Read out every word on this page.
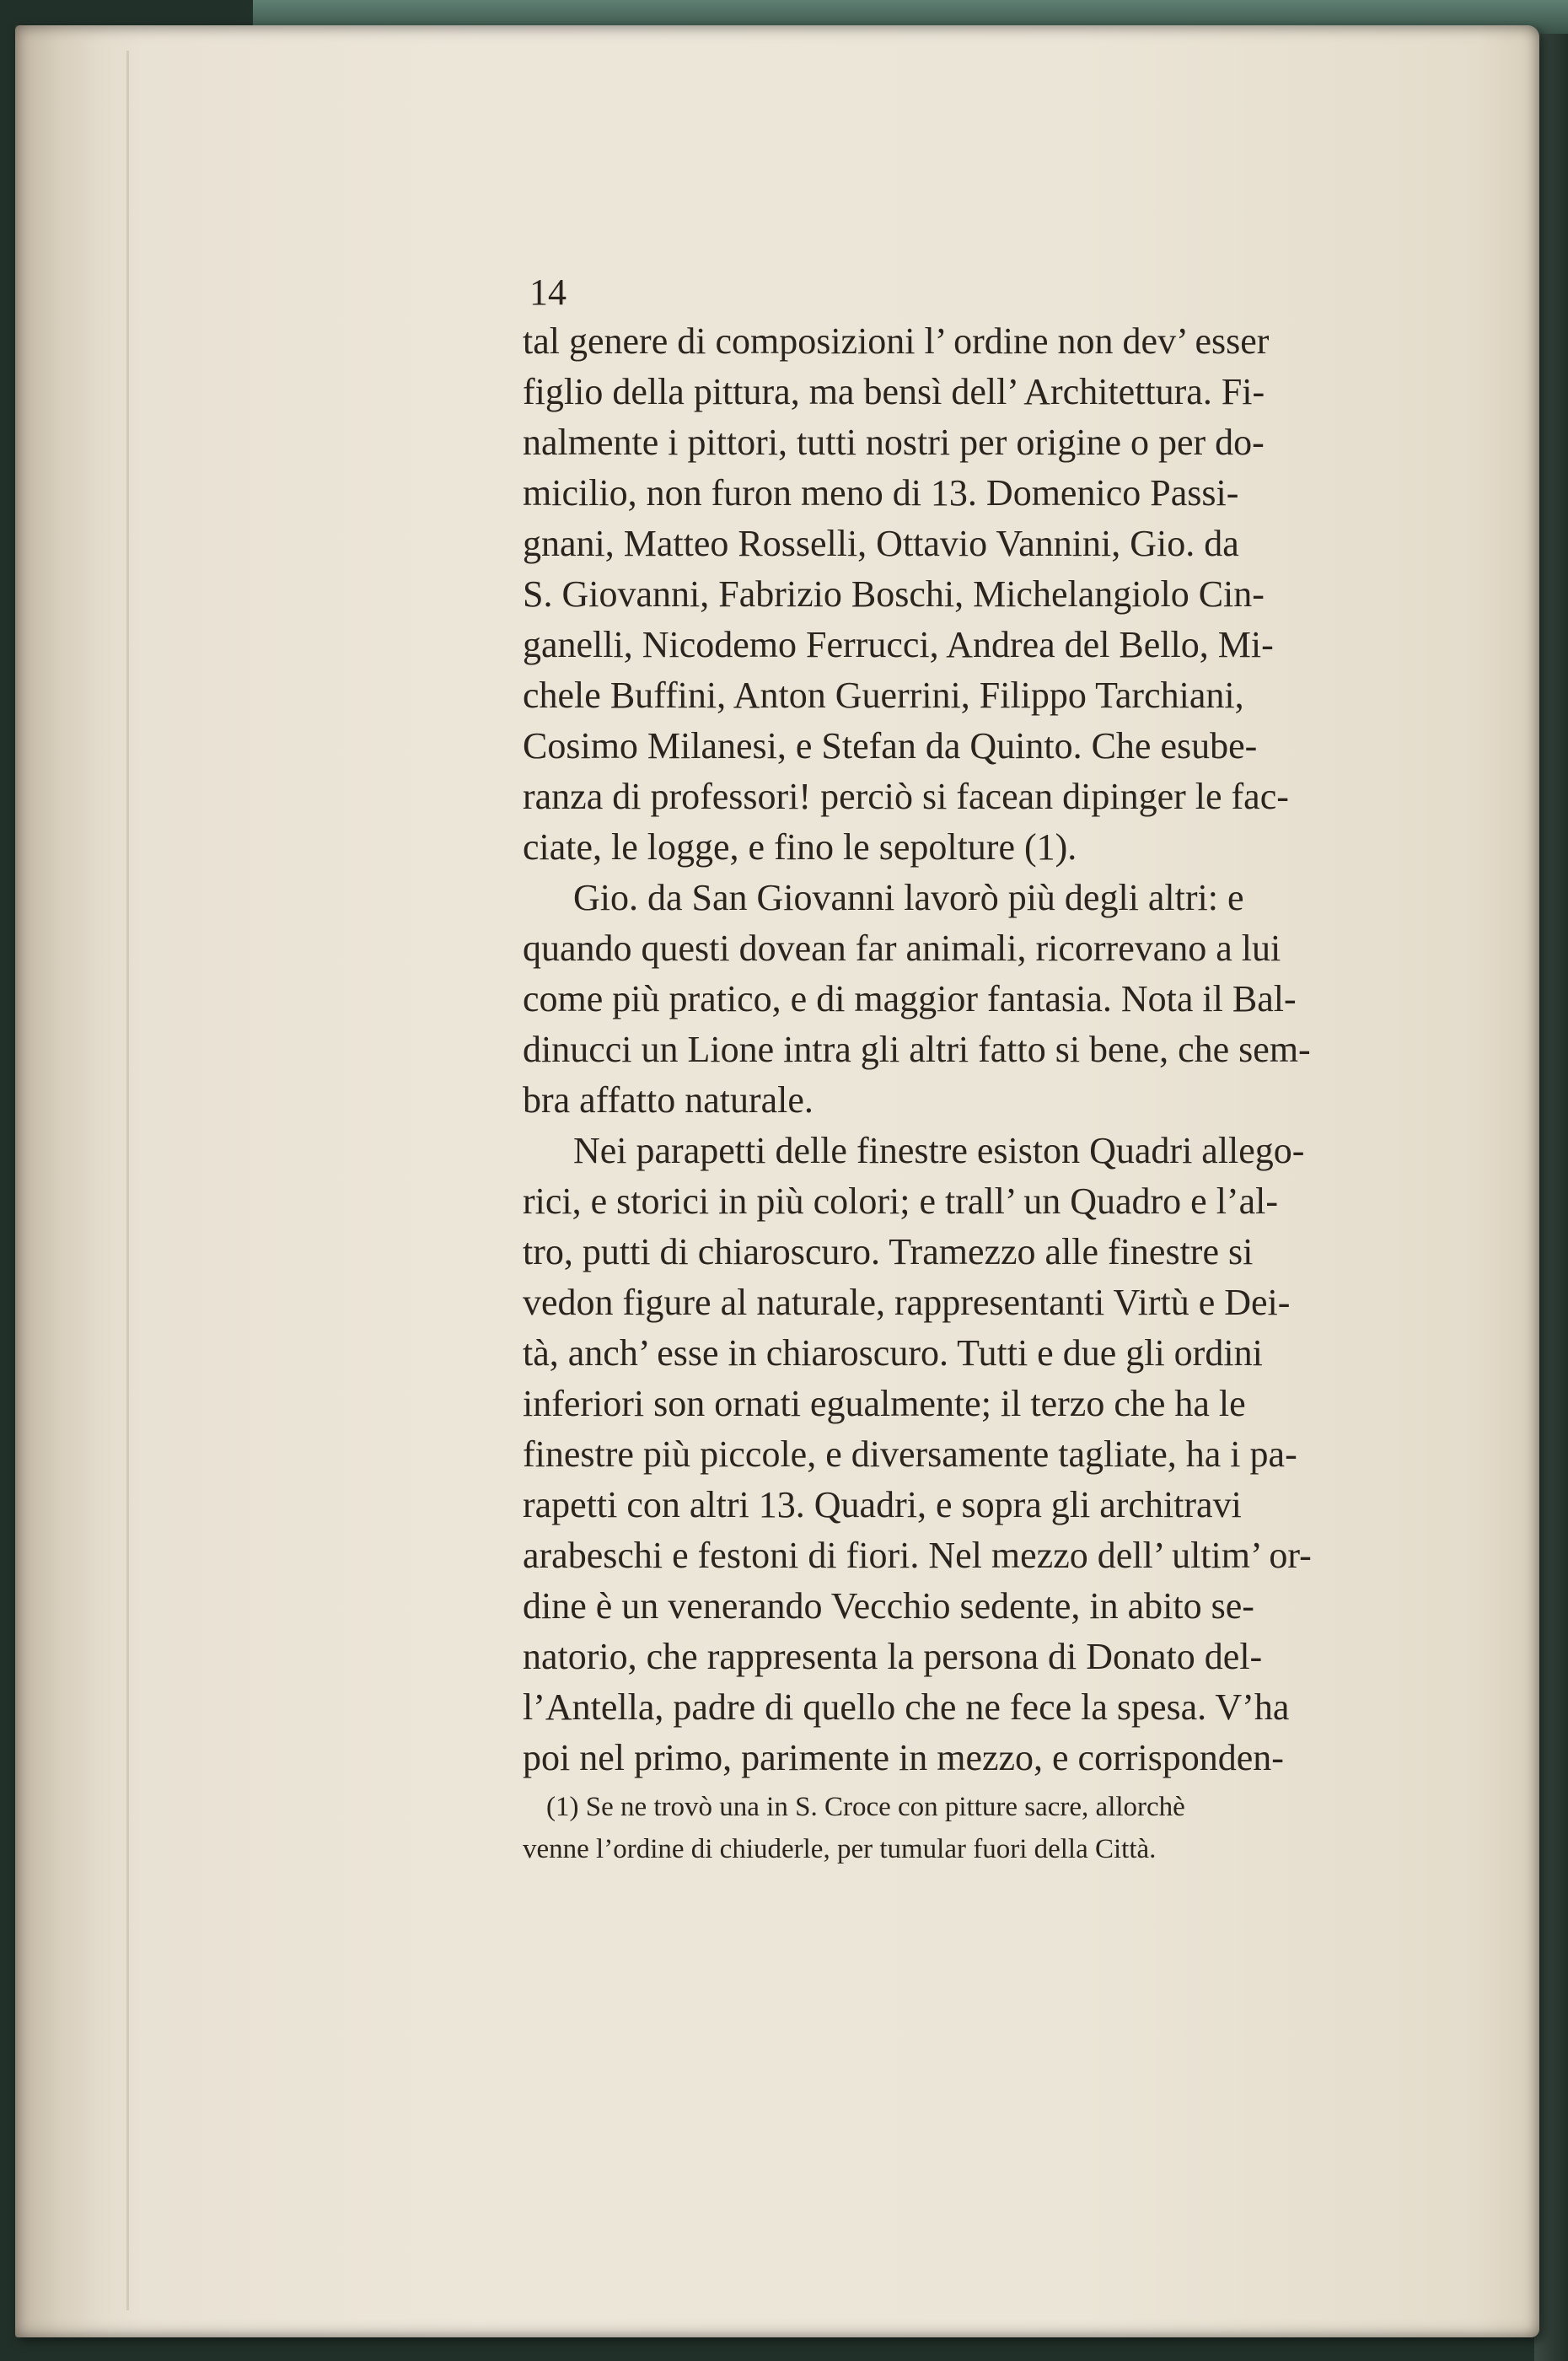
14
tal genere di composizioni l’ ordine non dev’ esser
figlio della pittura, ma bensì dell’ Architettura. Fi-
nalmente i pittori, tutti nostri per origine o per do-
micilio, non furon meno di 13. Domenico Passi-
gnani, Matteo Rosselli, Ottavio Vannini, Gio. da
S. Giovanni, Fabrizio Boschi, Michelangiolo Cin-
ganelli, Nicodemo Ferrucci, Andrea del Bello, Mi-
chele Buffini, Anton Guerrini, Filippo Tarchiani,
Cosimo Milanesi, e Stefan da Quinto. Che esube-
ranza di professori! perciò si facean dipinger le fac-
ciate, le logge, e fino le sepolture (1).
Gio. da San Giovanni lavorò più degli altri: e
quando questi dovean far animali, ricorrevano a lui
come più pratico, e di maggior fantasia. Nota il Bal-
dinucci un Lione intra gli altri fatto si bene, che sem-
bra affatto naturale.
Nei parapetti delle finestre esiston Quadri allego-
rici, e storici in più colori; e trall’ un Quadro e l’al-
tro, putti di chiaroscuro. Tramezzo alle finestre si
vedon figure al naturale, rappresentanti Virtù e Dei-
tà, anch’ esse in chiaroscuro. Tutti e due gli ordini
inferiori son ornati egualmente; il terzo che ha le
finestre più piccole, e diversamente tagliate, ha i pa-
rapetti con altri 13. Quadri, e sopra gli architravi
arabeschi e festoni di fiori. Nel mezzo dell’ ultim’ or-
dine è un venerando Vecchio sedente, in abito se-
natorio, che rappresenta la persona di Donato del-
l’Antella, padre di quello che ne fece la spesa. V’ha
poi nel primo, parimente in mezzo, e corrisponden-
(1) Se ne trovò una in S. Croce con pitture sacre, allorchè
venne l’ordine di chiuderle, per tumular fuori della Città.
